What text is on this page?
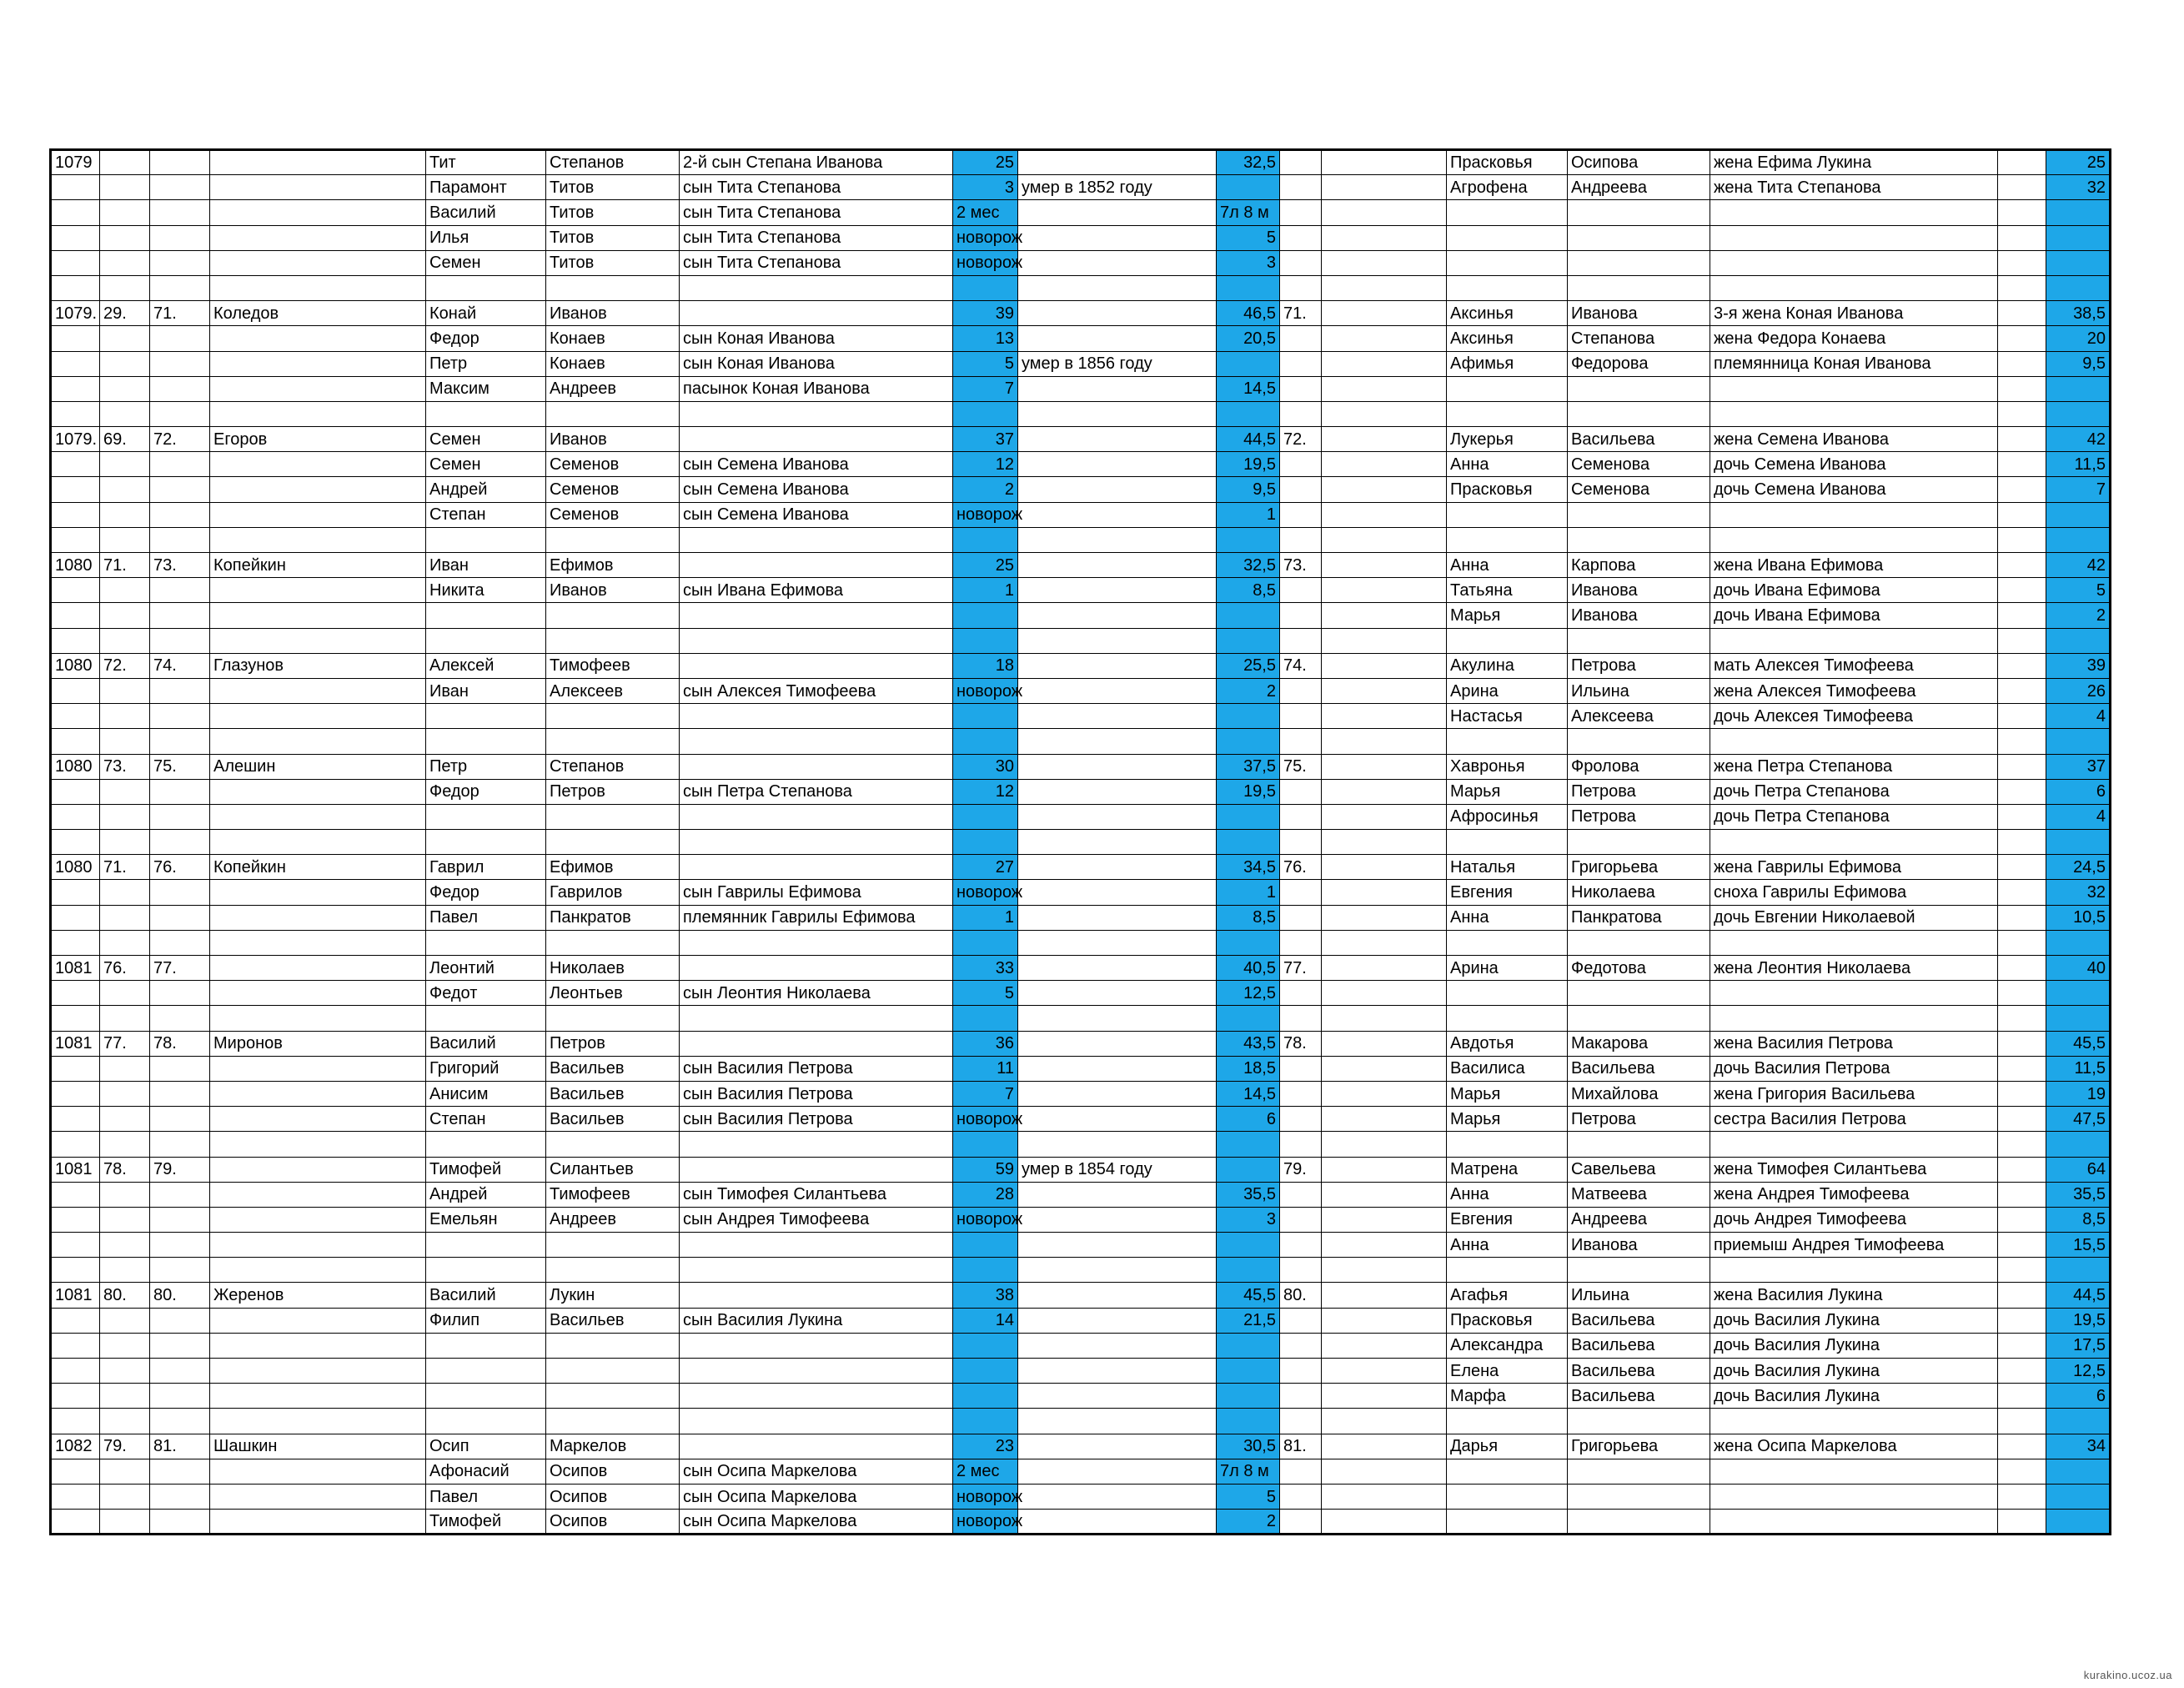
1079				Тит	Степанов	2-й сын Степана Иванова	25		32,5			Прасковья	Осипова	жена Ефима Лукина		25
				Парамонт	Титов	сын Тита Степанова	3	умер в 1852 году				Агрофена	Андреева	жена Тита Степанова		32
				Василий	Титов	сын Тита Степанова	2 мес		7л 8 м							
				Илья	Титов	сын Тита Степанова	новорож		5							
				Семен	Титов	сын Тита Степанова	новорож		3							

1079.	29.	71.	Коледов	Конай	Иванов		39		46,5	71.		Аксинья	Иванова	3-я жена Коная Иванова		38,5
				Федор	Конаев	сын Коная Иванова	13		20,5			Аксинья	Степанова	жена Федора Конаева		20
				Петр	Конаев	сын Коная Иванова	5	умер в 1856 году				Афимья	Федорова	племянница Коная Иванова		9,5
				Максим	Андреев	пасынок Коная Иванова	7		14,5							

1079.	69.	72.	Егоров	Семен	Иванов		37		44,5	72.		Лукерья	Васильева	жена Семена Иванова		42
				Семен	Семенов	сын Семена Иванова	12		19,5			Анна	Семенова	дочь Семена Иванова		11,5
				Андрей	Семенов	сын Семена Иванова	2		9,5			Прасковья	Семенова	дочь Семена Иванова		7
				Степан	Семенов	сын Семена Иванова	новорож		1							

1080	71.	73.	Копейкин	Иван	Ефимов		25		32,5	73.		Анна	Карпова	жена Ивана Ефимова		42
				Никита	Иванов	сын Ивана Ефимова	1		8,5			Татьяна	Иванова	дочь Ивана Ефимова		5
												Марья	Иванова	дочь Ивана Ефимова		2

1080	72.	74.	Глазунов	Алексей	Тимофеев		18		25,5	74.		Акулина	Петрова	мать Алексея Тимофеева		39
				Иван	Алексеев	сын Алексея Тимофеева	новорож		2			Арина	Ильина	жена Алексея Тимофеева		26
												Настасья	Алексеева	дочь Алексея Тимофеева		4

1080	73.	75.	Алешин	Петр	Степанов		30		37,5	75.		Хавронья	Фролова	жена Петра Степанова		37
				Федор	Петров	сын Петра Степанова	12		19,5			Марья	Петрова	дочь Петра Степанова		6
												Афросинья	Петрова	дочь Петра Степанова		4

1080	71.	76.	Копейкин	Гаврил	Ефимов		27		34,5	76.		Наталья	Григорьева	жена Гаврилы Ефимова		24,5
				Федор	Гаврилов	сын Гаврилы Ефимова	новорож		1			Евгения	Николаева	сноха Гаврилы Ефимова		32
				Павел	Панкратов	племянник Гаврилы Ефимова	1		8,5			Анна	Панкратова	дочь Евгении Николаевой		10,5

1081	76.	77.		Леонтий	Николаев		33		40,5	77.		Арина	Федотова	жена Леонтия Николаева		40
				Федот	Леонтьев	сын Леонтия Николаева	5		12,5							

1081	77.	78.	Миронов	Василий	Петров		36		43,5	78.		Авдотья	Макарова	жена Василия Петрова		45,5
				Григорий	Васильев	сын Василия Петрова	11		18,5			Василиса	Васильева	дочь Василия Петрова		11,5
				Анисим	Васильев	сын Василия Петрова	7		14,5			Марья	Михайлова	жена Григория Васильева		19
				Степан	Васильев	сын Василия Петрова	новорож		6			Марья	Петрова	сестра Василия Петрова		47,5

1081	78.	79.		Тимофей	Силантьев		59	умер в 1854 году		79.		Матрена	Савельева	жена Тимофея Силантьева		64
				Андрей	Тимофеев	сын Тимофея Силантьева	28		35,5			Анна	Матвеева	жена Андрея Тимофеева		35,5
				Емельян	Андреев	сын Андрея Тимофеева	новорож		3			Евгения	Андреева	дочь Андрея Тимофеева		8,5
												Анна	Иванова	приемыш Андрея Тимофеева		15,5

1081	80.	80.	Жеренов	Василий	Лукин		38		45,5	80.		Агафья	Ильина	жена Василия Лукина		44,5
				Филип	Васильев	сын Василия Лукина	14		21,5			Прасковья	Васильева	дочь Василия Лукина		19,5
												Александра	Васильева	дочь Василия Лукина		17,5
												Елена	Васильева	дочь Василия Лукина		12,5
												Марфа	Васильева	дочь Василия Лукина		6

1082	79.	81.	Шашкин	Осип	Маркелов		23		30,5	81.		Дарья	Григорьева	жена Осипа Маркелова		34
				Афонасий	Осипов	сын Осипа Маркелова	2 мес		7л 8 м							
				Павел	Осипов	сын Осипа Маркелова	новорож		5							
				Тимофей	Осипов	сын Осипа Маркелова	новорож		2							
kurakino.ucoz.ua
